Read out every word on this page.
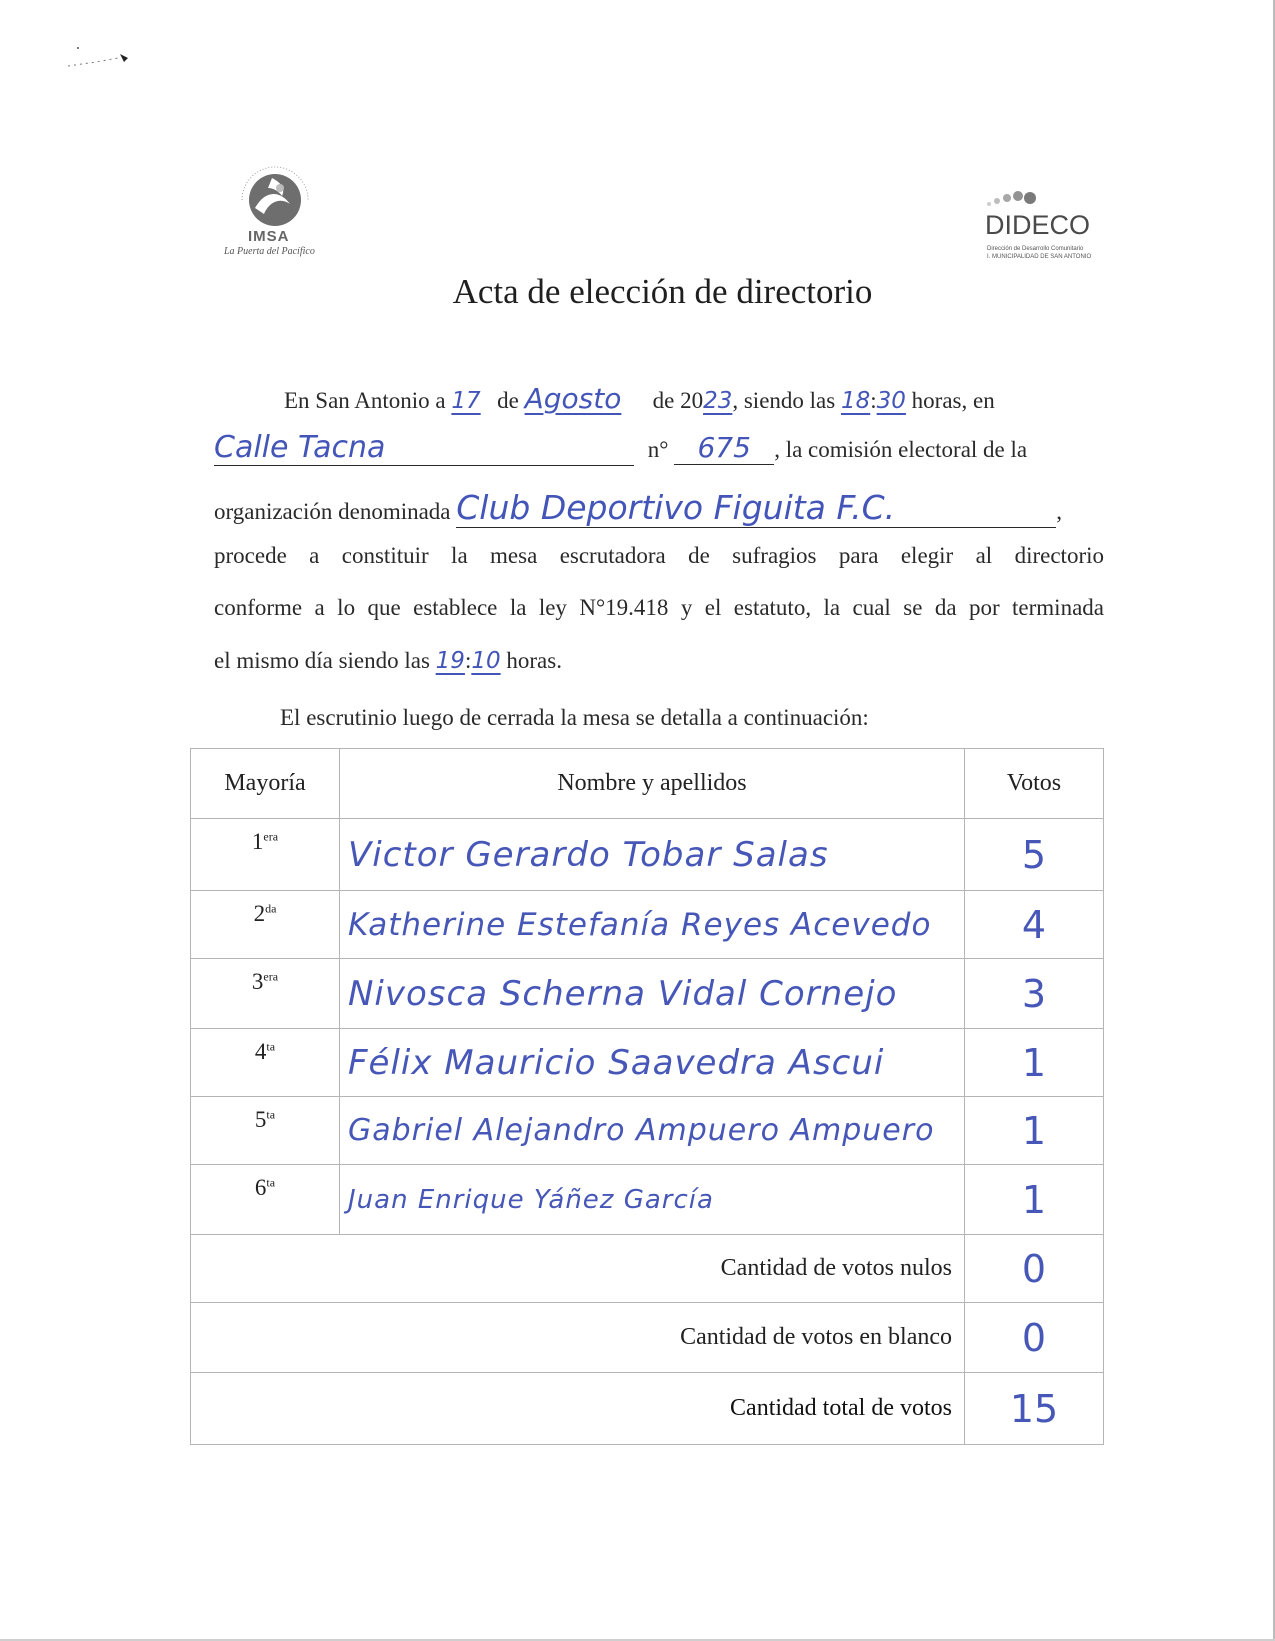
IMSA
La Puerta del Pacífico
DIDECO
Dirección de Desarrollo Comunitario
I. MUNICIPALIDAD DE SAN ANTONIO
Acta de elección de directorio
En San Antonio a 17 de Agosto de 2023, siendo las 18:30 horas, en
Calle Tacna	n° 675 , la comisión electoral de la
organización denominada Club Deportivo Figuita F.C.	,
procede a constituir la mesa escrutadora de sufragios para elegir al directorio
conforme a lo que establece la ley N°19.418 y el estatuto, la cual se da por terminada
el mismo día siendo las 19:10 horas.
El escrutinio luego de cerrada la mesa se detalla a continuación:
Mayoría	Nombre y apellidos	Votos
$1^{era}$	Victor Gerardo Tobar Salas	5
$2^{da}$	Katherine Estefanía Reyes Acevedo	4
$3^{era}$	Nivosca Scherna Vidal Cornejo	3
$4^{ta}$	Félix Mauricio Saavedra Ascui	1
$5^{ta}$	Gabriel Alejandro Ampuero Ampuero	1
$6^{ta}$	Juan Enrique Yáñez García	1
Cantidad de votos nulos		0
Cantidad de votos en blanco		0
Cantidad total de votos		15
